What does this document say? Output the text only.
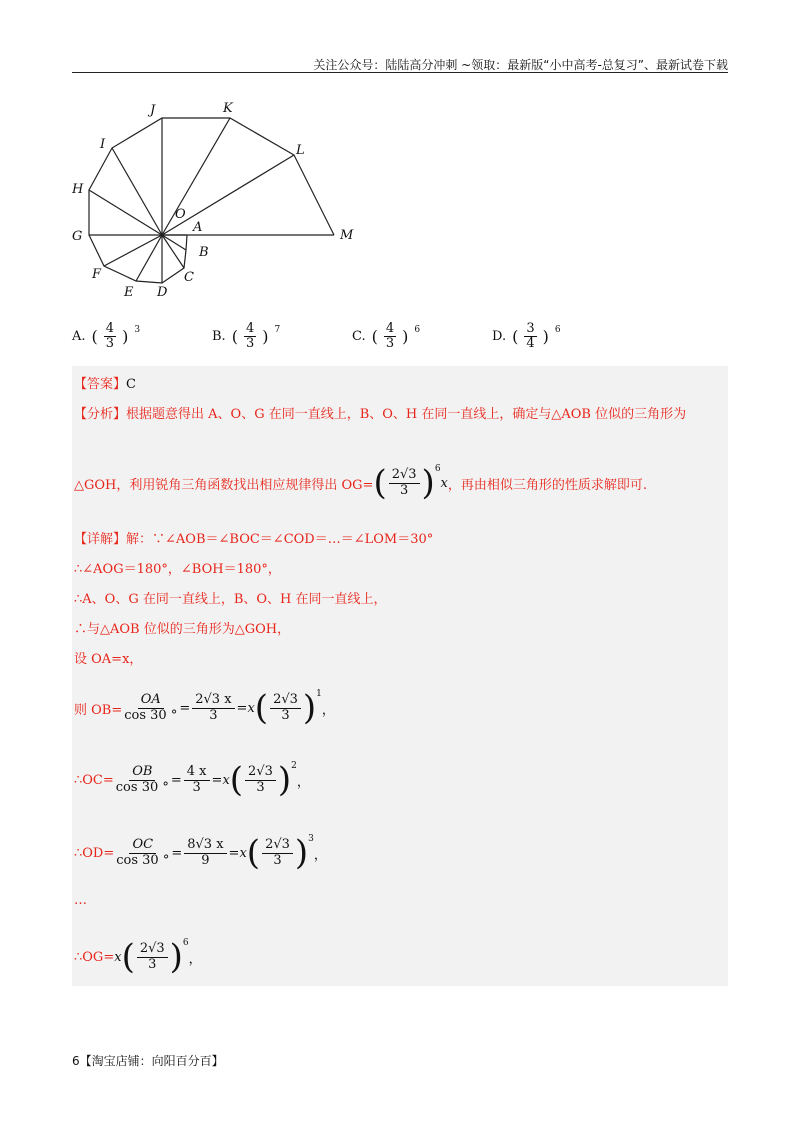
关注公众号：陆陆高分冲刺 ~领取：最新版“小中高考-总复习”、最新试卷下载
J	K
I	L
H
O
A
G	M
B
F	C
E D
A. ( $\frac{4}{3}$ ) 3	B. ( $\frac{4}{3}$ ) 7	C. ( $\frac{4}{3}$ ) 6	D. ( $\frac{3}{4}$ ) 6
【答案】C
【分析】根据题意得出 A、O、G 在同一直线上，B、O、H 在同一直线上，确定与△AOB 位似的三角形为
△GOH，利用锐角三角函数找出相应规律得出 OG= ( 2√3
3 ) 6
x ，再由相似三角形的性质求解即可.
【详解】解：∵∠AOB＝∠BOC＝∠COD＝…＝∠LOM＝30°
∴∠AOG＝180°，∠BOH＝180°，
∴A、O、G 在同一直线上，B、O、H 在同一直线上，
∴与△AOB 位似的三角形为△GOH，
设 OA=x，
则 $OB= \frac{OA}{\cos 30 ^\circ} = \frac{2√3 x}{3} = x$ ( 2√3
3 ) 1
，
∴OC= $\frac{OB}{\cos 30 ^\circ} = \frac{4 x}{3} = x$ ( 2√3
3 ) 2
，
∴OD= $\frac{OC}{\cos 30 ^\circ} = \frac{8√3 x}{9} = x$ ( 2√3
3 ) 3
，
…
∴OG= x ( 2√3
3 ) 6
，
6【淘宝店铺：向阳百分百】
